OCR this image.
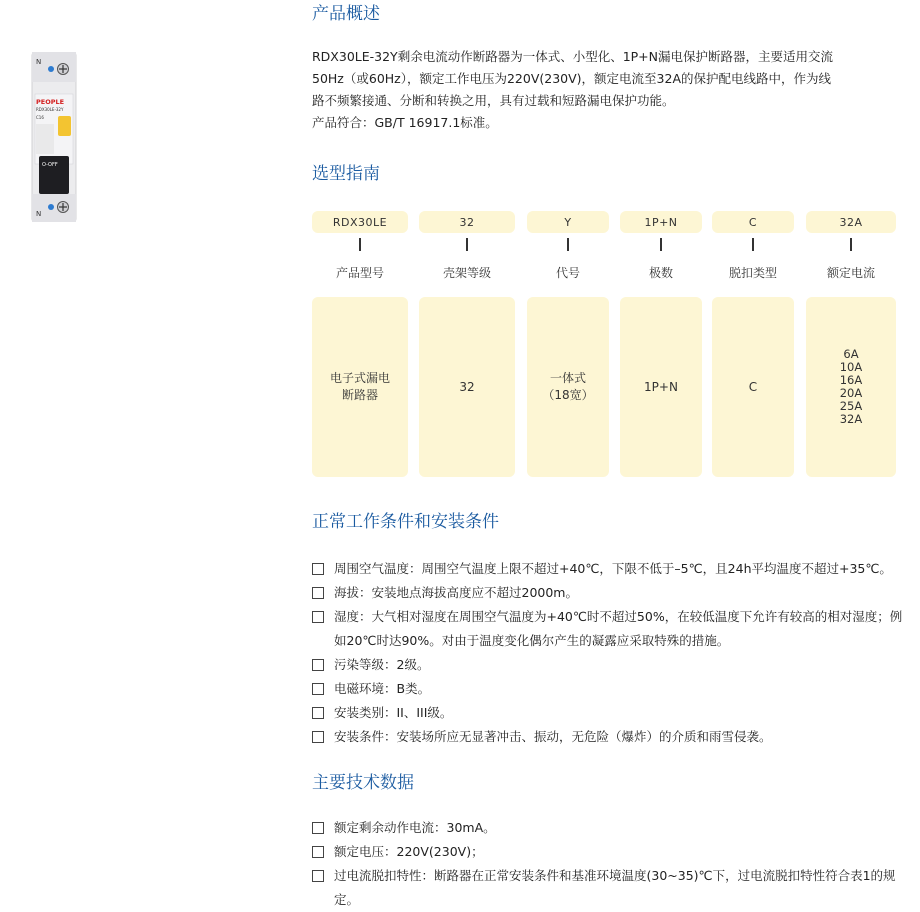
N
PEOPLE
RDX30LE-32Y
C16
O-OFF
N
产品概述

RDX30LE-32Y剩余电流动作断路器为一体式、小型化、1P+N漏电保护断路器，主要适用交流

50Hz（或60Hz），额定工作电压为220V(230V)，额定电流至32A的保护配电线路中，作为线

路不频繁接通、分断和转换之用，具有过载和短路漏电保护功能。

产品符合：GB/T 16917.1标准。

选型指南
RDX30LE
产品型号
电子式漏电
断路器
32
壳架等级
32
Y
代号
一体式
（18宽）
1P+N
极数
1P+N
C
脱扣类型
C
32A
额定电流
6A
10A
16A
20A
25A
32A
正常工作条件和安装条件
周围空气温度：周围空气温度上限不超过+40℃，下限不低于–5℃，且24h平均温度不超过+35℃。
海拔：安装地点海拔高度应不超过2000m。
湿度：大气相对湿度在周围空气温度为+40℃时不超过50%，在较低温度下允许有较高的相对湿度；例如20℃时达90%。对由于温度变化偶尔产生的凝露应采取特殊的措施。
污染等级：2级。
电磁环境：B类。
安装类别：II、III级。
安装条件：安装场所应无显著冲击、振动，无危险（爆炸）的介质和雨雪侵袭。
主要技术数据
额定剩余动作电流：30mA。
额定电压：220V(230V)；
过电流脱扣特性：断路器在正常安装条件和基准环境温度(30~35)℃下，过电流脱扣特性符合表1的规定。
